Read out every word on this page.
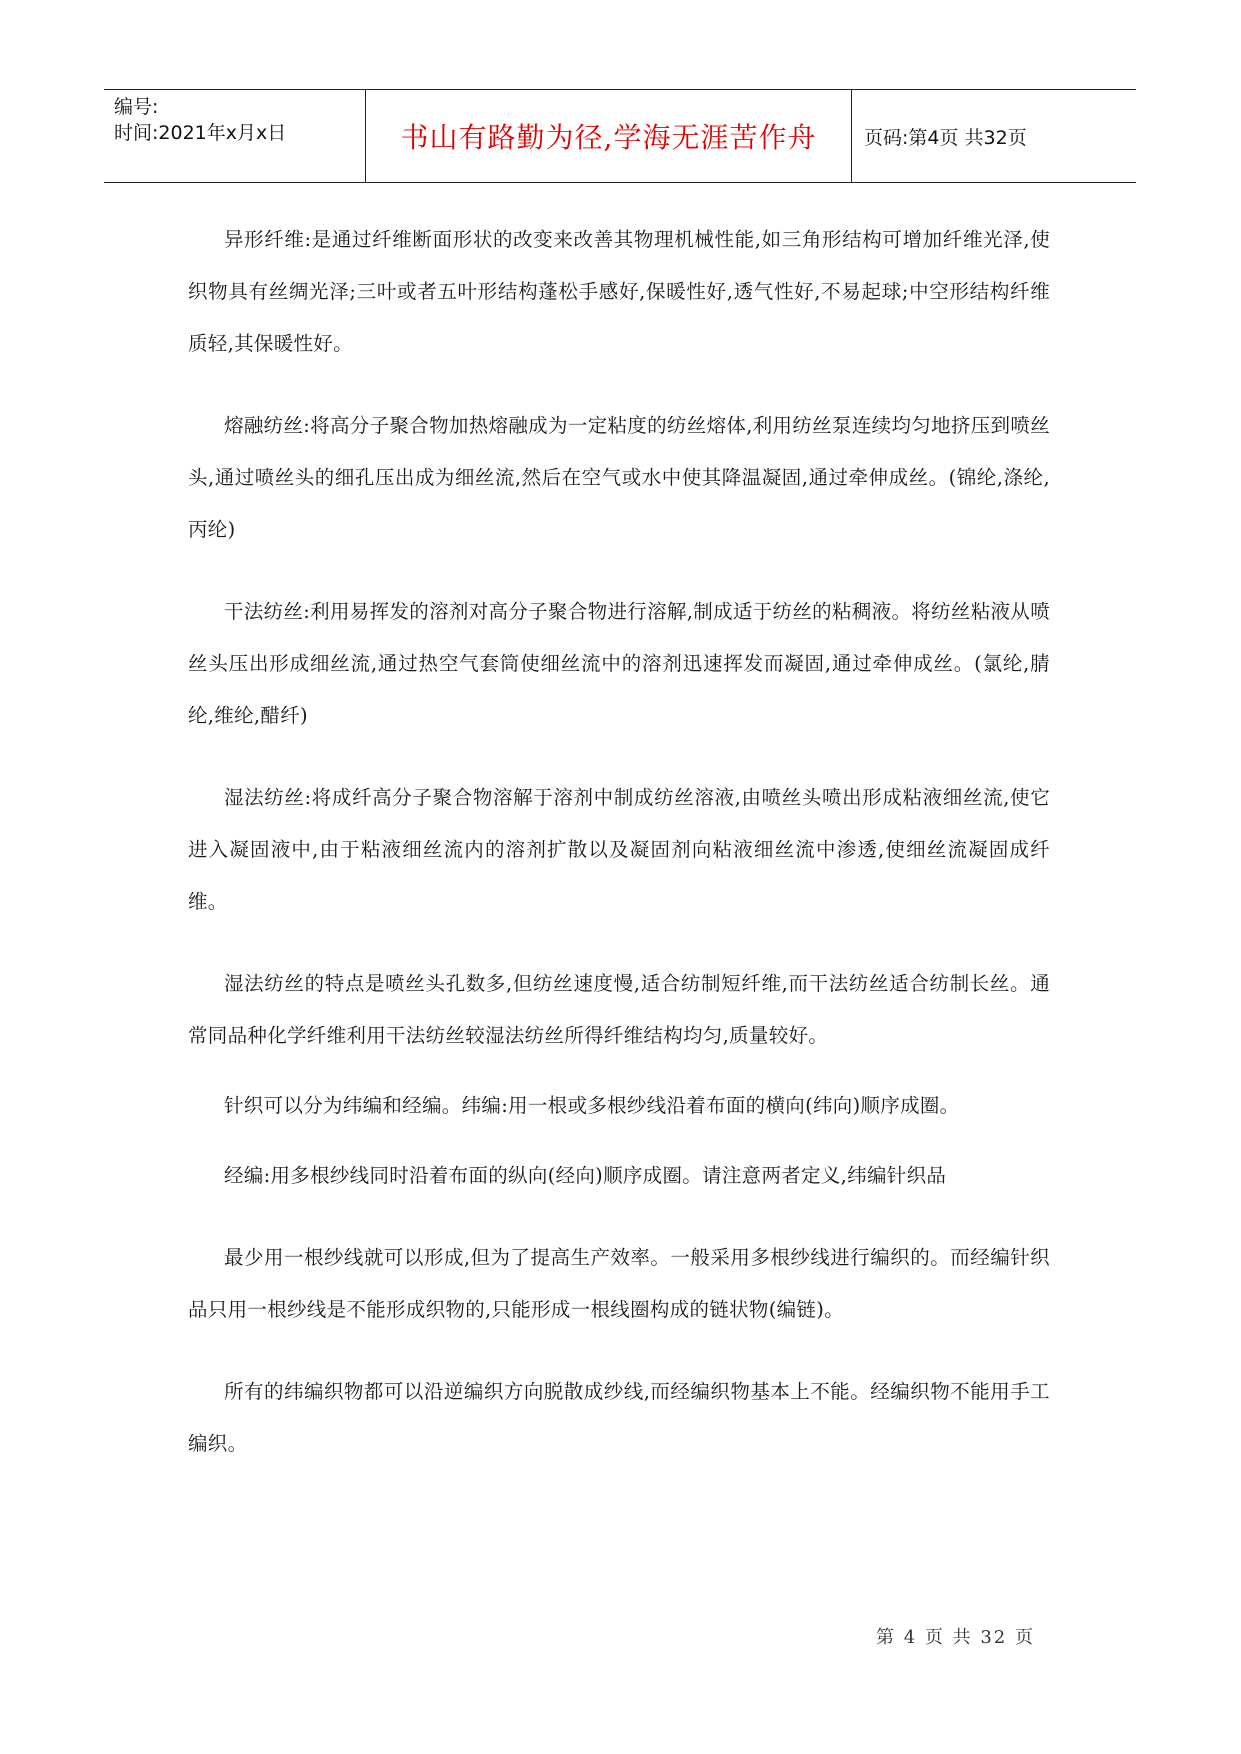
编号:
时间:2021年x月x日	书山有路勤为径,学海无涯苦作舟	页码:第4页 共32页

异形纤维:是通过纤维断面形状的改变来改善其物理机械性能,如三角形结构可增加纤维光泽,使织物具有丝绸光泽;三叶或者五叶形结构蓬松手感好,保暖性好,透气性好,不易起球;中空形结构纤维质轻,其保暖性好。

熔融纺丝:将高分子聚合物加热熔融成为一定粘度的纺丝熔体,利用纺丝泵连续均匀地挤压到喷丝头,通过喷丝头的细孔压出成为细丝流,然后在空气或水中使其降温凝固,通过牵伸成丝。(锦纶,涤纶,丙纶)

干法纺丝:利用易挥发的溶剂对高分子聚合物进行溶解,制成适于纺丝的粘稠液。将纺丝粘液从喷丝头压出形成细丝流,通过热空气套筒使细丝流中的溶剂迅速挥发而凝固,通过牵伸成丝。(氯纶,腈纶,维纶,醋纤)

湿法纺丝:将成纤高分子聚合物溶解于溶剂中制成纺丝溶液,由喷丝头喷出形成粘液细丝流,使它进入凝固液中,由于粘液细丝流内的溶剂扩散以及凝固剂向粘液细丝流中渗透,使细丝流凝固成纤维。

湿法纺丝的特点是喷丝头孔数多,但纺丝速度慢,适合纺制短纤维,而干法纺丝适合纺制长丝。通常同品种化学纤维利用干法纺丝较湿法纺丝所得纤维结构均匀,质量较好。

针织可以分为纬编和经编。纬编:用一根或多根纱线沿着布面的横向(纬向)顺序成圈。

经编:用多根纱线同时沿着布面的纵向(经向)顺序成圈。请注意两者定义,纬编针织品

最少用一根纱线就可以形成,但为了提高生产效率。一般采用多根纱线进行编织的。而经编针织品只用一根纱线是不能形成织物的,只能形成一根线圈构成的链状物(编链)。

所有的纬编织物都可以沿逆编织方向脱散成纱线,而经编织物基本上不能。经编织物不能用手工编织。

第 4 页 共 32 页
